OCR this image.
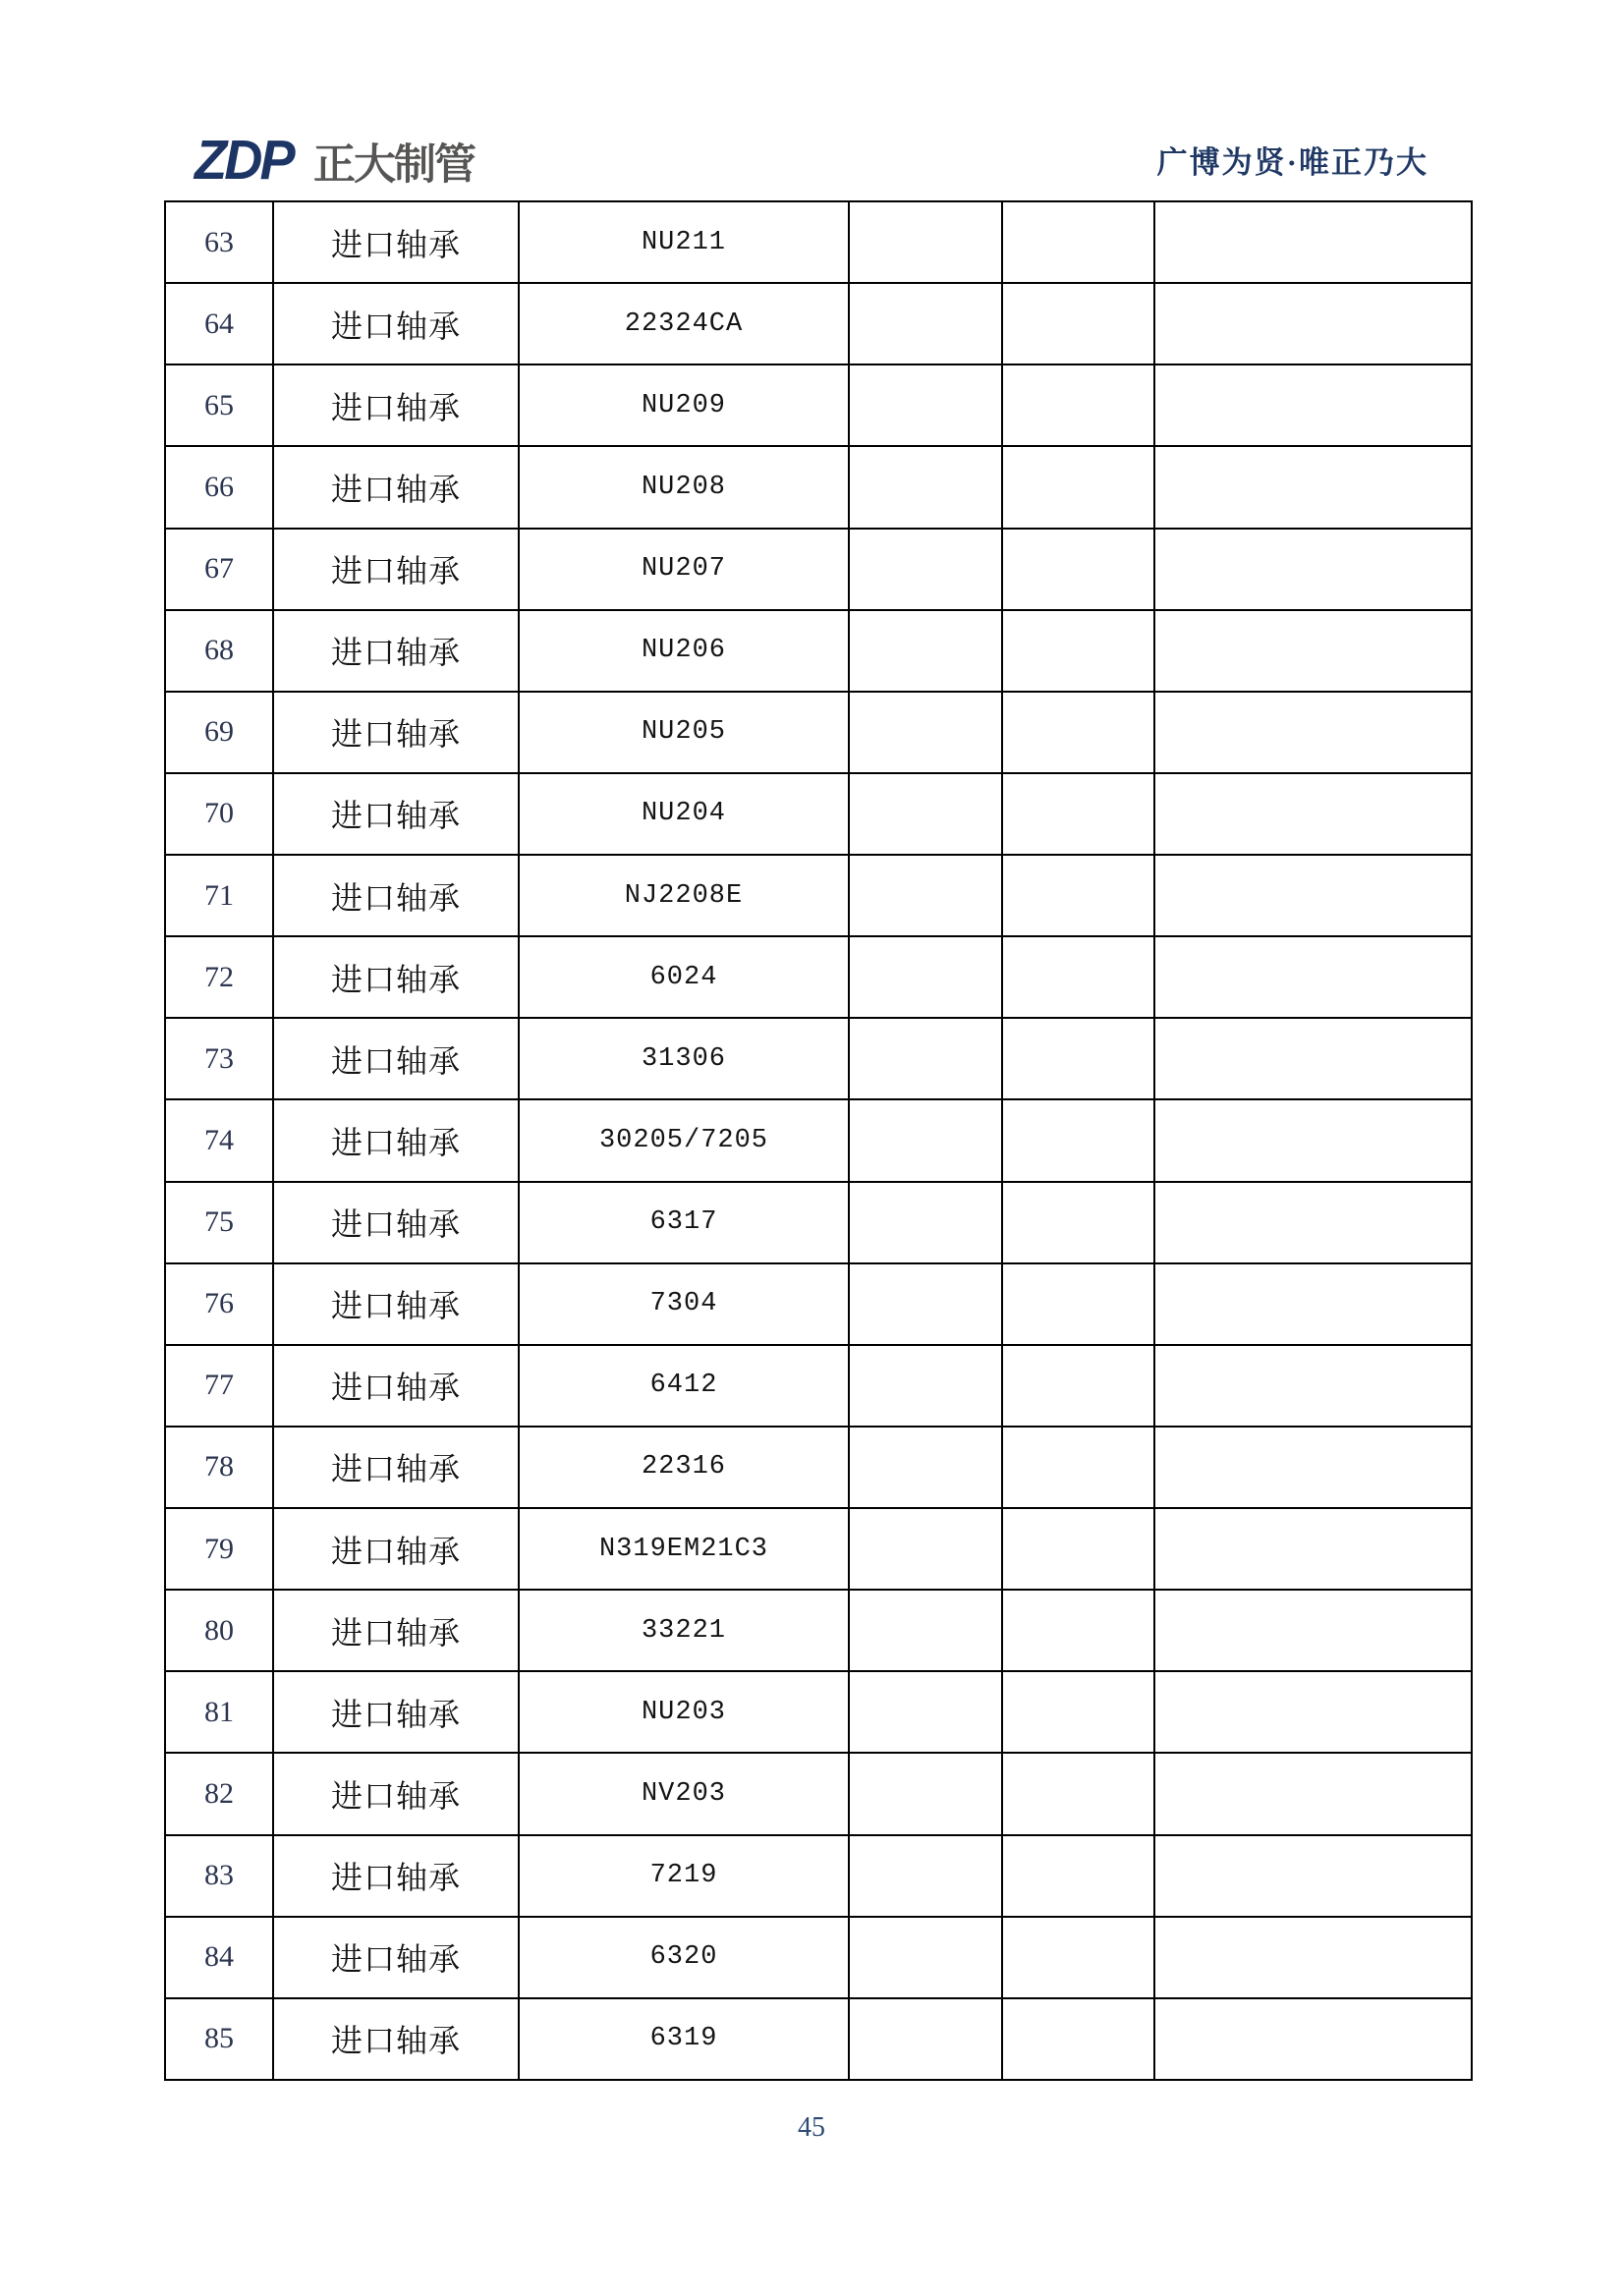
ZDP 正大制管	广博为贤·唯正乃大
63	进口轴承	NU211			
64	进口轴承	22324CA			
65	进口轴承	NU209			
66	进口轴承	NU208			
67	进口轴承	NU207			
68	进口轴承	NU206			
69	进口轴承	NU205			
70	进口轴承	NU204			
71	进口轴承	NJ2208E			
72	进口轴承	6024			
73	进口轴承	31306			
74	进口轴承	30205/7205			
75	进口轴承	6317			
76	进口轴承	7304			
77	进口轴承	6412			
78	进口轴承	22316			
79	进口轴承	N319EM21C3			
80	进口轴承	33221			
81	进口轴承	NU203			
82	进口轴承	NV203			
83	进口轴承	7219			
84	进口轴承	6320			
85	进口轴承	6319			
45
